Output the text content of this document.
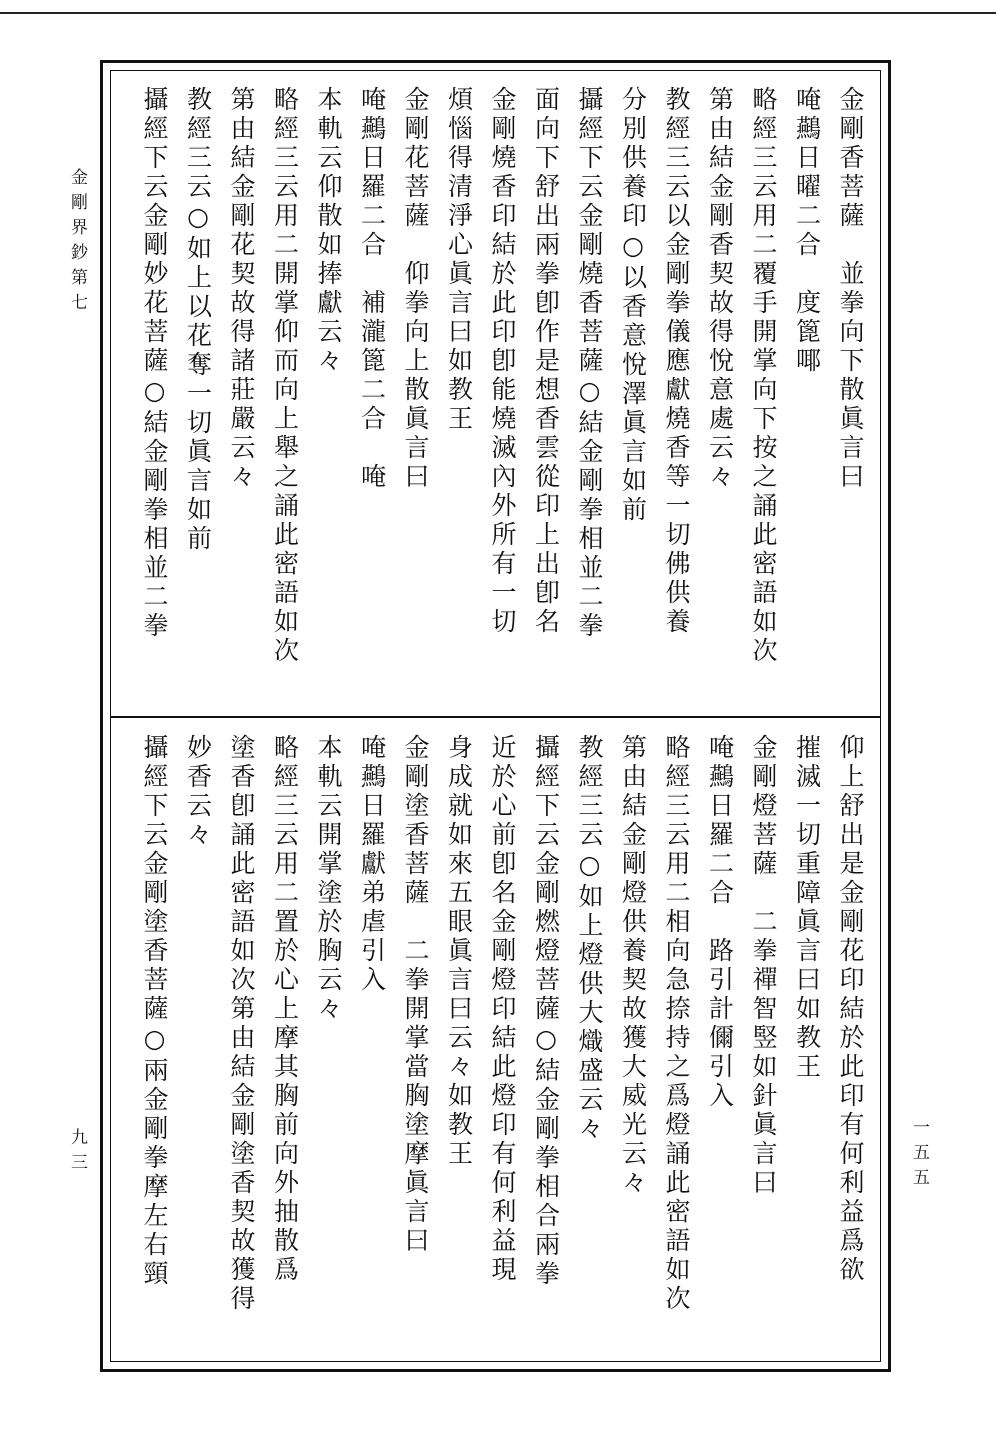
金剛界鈔第七
九三	一五五
金剛香菩薩　並拳向下散眞言曰
唵䴏日曜二合　度篦㖿
略經三云用二覆手開掌向下按之誦此密語如次
第由結金剛香契故得悅意處云々
教經三云以金剛拳儀應獻燒香等一切佛供養
分別供養印○以香意悅澤眞言如前
攝經下云金剛燒香菩薩○結金剛拳相並二拳
面向下舒出兩拳卽作是想香雲從印上出卽名
金剛燒香印結於此印卽能燒滅內外所有一切
煩惱得清淨心眞言曰如教王
金剛花菩薩　仰拳向上散眞言曰
唵䴏日羅二合　補瀧篦二合　唵
本軌云仰散如捧獻云々
略經三云用二開掌仰而向上舉之誦此密語如次
第由結金剛花契故得諸莊嚴云々
教經三云○如上以花奪一切眞言如前
攝經下云金剛妙花菩薩○結金剛拳相並二拳
仰上舒出是金剛花印結於此印有何利益爲欲
摧滅一切重障眞言曰如教王
金剛燈菩薩　二拳禪智竪如針眞言曰
唵䴏日羅二合　路引計儞引入
略經三云用二相向急捺持之爲燈誦此密語如次
第由結金剛燈供養契故獲大威光云々
教經三云○如上燈供大熾盛云々
攝經下云金剛燃燈菩薩○結金剛拳相合兩拳
近於心前卽名金剛燈印結此燈印有何利益現
身成就如來五眼眞言曰云々如教王
金剛塗香菩薩　二拳開掌當胸塗摩眞言曰
唵䴏日羅獻弟虐引入
本軌云開掌塗於胸云々
略經三云用二置於心上摩其胸前向外抽散爲
塗香卽誦此密語如次第由結金剛塗香契故獲得
妙香云々
攝經下云金剛塗香菩薩○兩金剛拳摩左右頸
